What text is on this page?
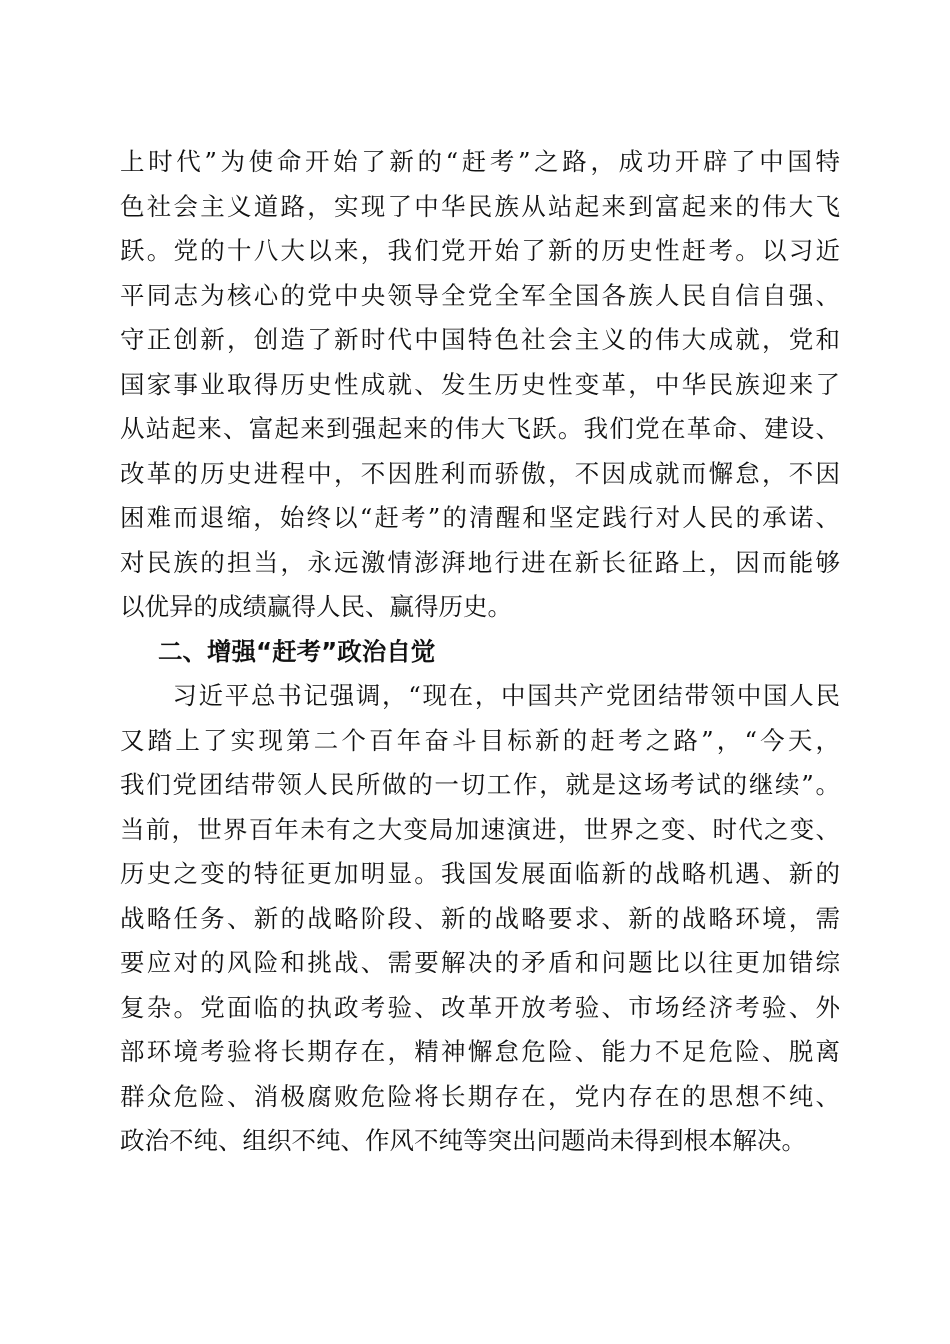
上时代”为使命开始了新的“赶考”之路，成功开辟了中国特
色社会主义道路，实现了中华民族从站起来到富起来的伟大飞
跃。党的十八大以来，我们党开始了新的历史性赶考。以习近
平同志为核心的党中央领导全党全军全国各族人民自信自强、
守正创新，创造了新时代中国特色社会主义的伟大成就，党和
国家事业取得历史性成就、发生历史性变革，中华民族迎来了
从站起来、富起来到强起来的伟大飞跃。我们党在革命、建设、
改革的历史进程中，不因胜利而骄傲，不因成就而懈怠，不因
困难而退缩，始终以“赶考”的清醒和坚定践行对人民的承诺、
对民族的担当，永远激情澎湃地行进在新长征路上，因而能够
以优异的成绩赢得人民、赢得历史。
二、增强“赶考”政治自觉
　　习近平总书记强调，“现在，中国共产党团结带领中国人民
又踏上了实现第二个百年奋斗目标新的赶考之路”，“今天，
我们党团结带领人民所做的一切工作，就是这场考试的继续”。
当前，世界百年未有之大变局加速演进，世界之变、时代之变、
历史之变的特征更加明显。我国发展面临新的战略机遇、新的
战略任务、新的战略阶段、新的战略要求、新的战略环境，需
要应对的风险和挑战、需要解决的矛盾和问题比以往更加错综
复杂。党面临的执政考验、改革开放考验、市场经济考验、外
部环境考验将长期存在，精神懈怠危险、能力不足危险、脱离
群众危险、消极腐败危险将长期存在，党内存在的思想不纯、
政治不纯、组织不纯、作风不纯等突出问题尚未得到根本解决。
